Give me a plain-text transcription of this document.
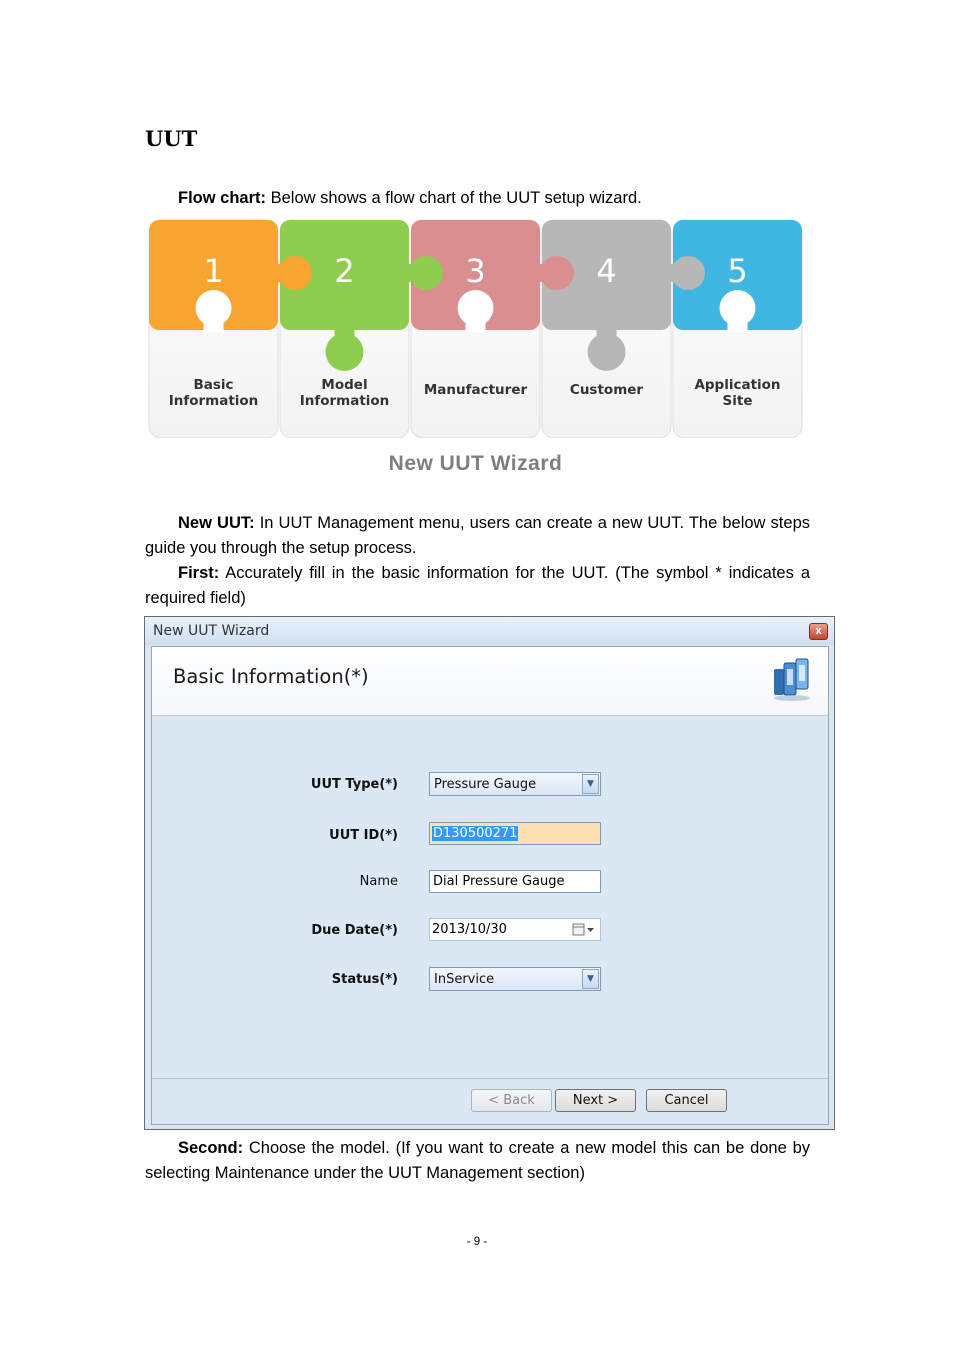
UUT
Flow chart: Below shows a flow chart of the UUT setup wizard.
1
Basic
Information
2
Model
Information
3
Manufacturer
4
Customer
5
Application
Site
New UUT Wizard
New UUT: In UUT Management menu, users can create a new UUT. The below steps guide you through the setup process.
First: Accurately fill in the basic information for the UUT. (The symbol * indicates a required field)
New UUT Wizard	x
Basic Information(*)
UUT Type(*)	Pressure Gauge	▼
UUT ID(*)	D130500271
Name	Dial Pressure Gauge
Due Date(*)	2013/10/30
Status(*)	InService	▼
< Back	Next >	Cancel
Second: Choose the model. (If you want to create a new model this can be done by selecting Maintenance under the UUT Management section)
- 9 -
